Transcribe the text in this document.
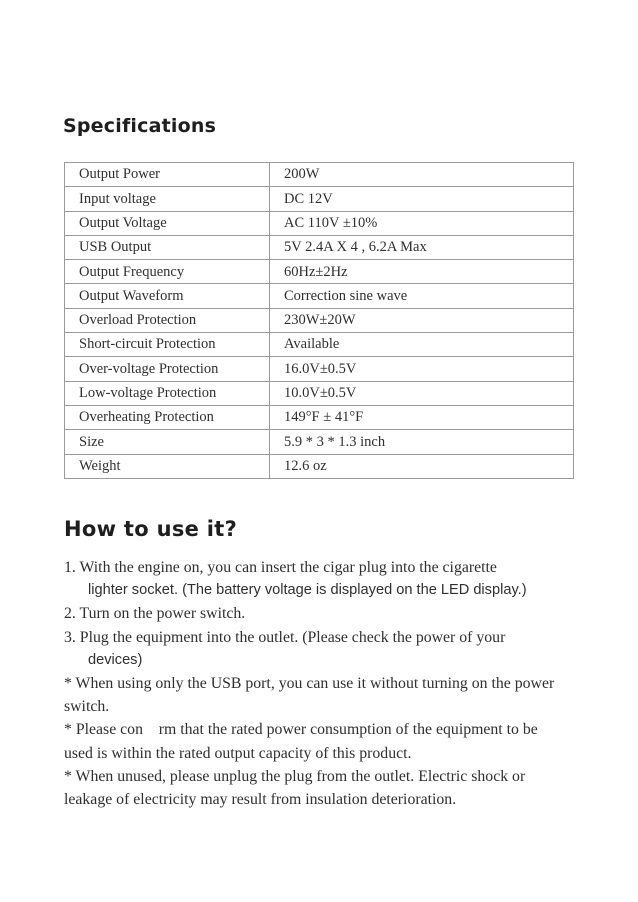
Specifications
Output Power	200W
Input voltage	DC 12V
Output Voltage	AC 110V ±10%
USB Output	5V 2.4A X 4 , 6.2A Max
Output Frequency	60Hz±2Hz
Output Waveform	Correction sine wave
Overload Protection	230W±20W
Short-circuit Protection	Available
Over-voltage Protection	16.0V±0.5V
Low-voltage Protection	10.0V±0.5V
Overheating Protection	149°F ± 41°F
Size	5.9 * 3 * 1.3 inch
Weight	12.6 oz
How to use it?
1. With the engine on, you can insert the cigar plug into the cigarette
lighter socket. (The battery voltage is displayed on the LED display.)
2. Turn on the power switch.
3. Plug the equipment into the outlet. (Please check the power of your
devices)
* When using only the USB port, you can use it without turning on the power
switch.
* Please con　rm that the rated power consumption of the equipment to be
used is within the rated output capacity of this product.
* When unused, please unplug the plug from the outlet. Electric shock or
leakage of electricity may result from insulation deterioration.
